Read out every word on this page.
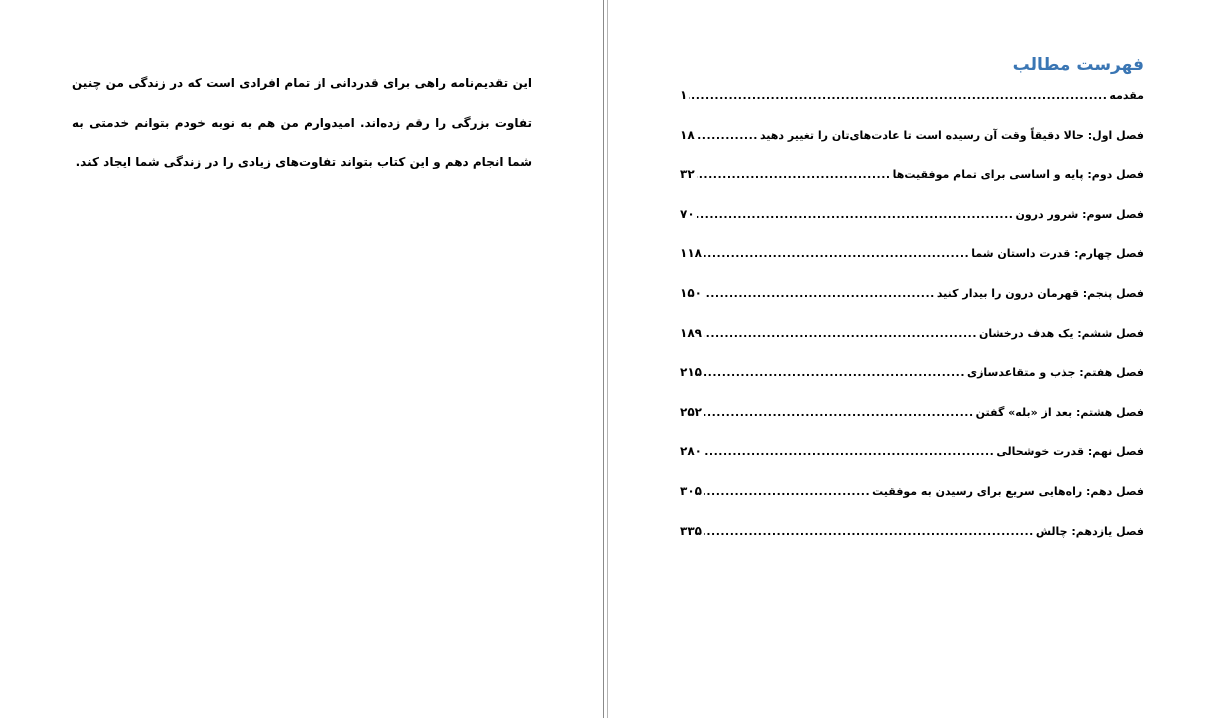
این تقدیم‌نامه راهی برای قدردانی از تمام افرادی است که در زندگی من چنین تفاوت بزرگی را رقم زده‌اند. امیدوارم من هم به نوبه خودم بتوانم خدمتی به شما انجام دهم و این کتاب بتواند تفاوت‌های زیادی را در زندگی شما ایجاد کند.

فهرست مطالب
مقدمه
.....
۱
فصل اول: حالا دقیقاً وقت آن رسیده است تا عادت‌های‌تان را تغییر دهید
.....
۱۸
فصل دوم: پایه و اساسی برای تمام موفقیت‌ها
.....
۳۲
فصل سوم: شرور درون
.....
۷۰
فصل چهارم: قدرت داستان شما
.....
۱۱۸
فصل پنجم: قهرمان درون را بیدار کنید
.....
۱۵۰
فصل ششم: یک هدف درخشان
.....
۱۸۹
فصل هفتم: جذب و متقاعدسازی
.....
۲۱۵
فصل هشتم: بعد از «بله» گفتن
.....
۲۵۲
فصل نهم: قدرت خوشحالی
.....
۲۸۰
فصل دهم: راه‌هایی سریع برای رسیدن به موفقیت
.....
۳۰۵
فصل یازدهم: چالش
.....
۳۳۵
